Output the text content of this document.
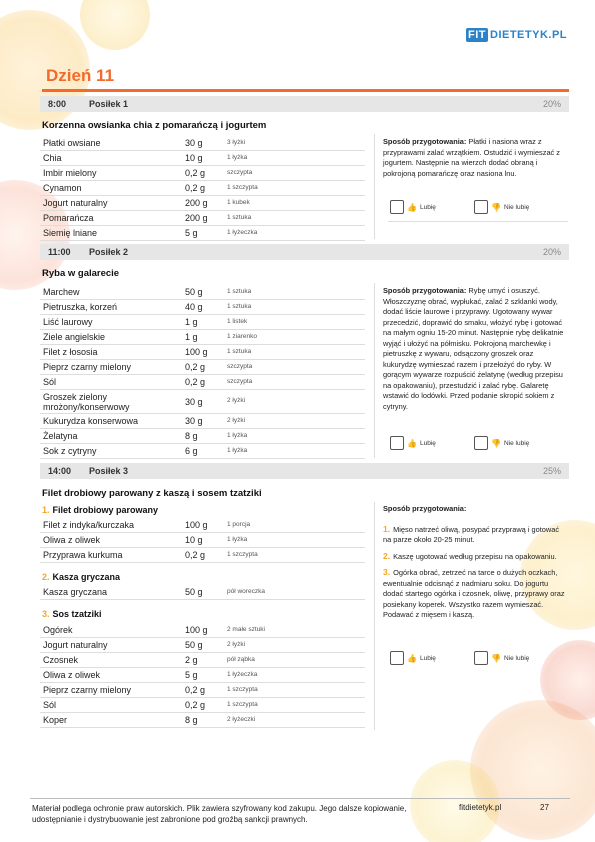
FIT DIETETYK.PL
Dzień 11
8:00	Posiłek 1	20%
Korzenna owsianka chia z pomarańczą i jogurtem
Płatki owsiane	30 g	3 łyżki
Chia	10 g	1 łyżka
Imbir mielony	0,2 g	szczypta
Cynamon	0,2 g	1 szczypta
Jogurt naturalny	200 g	1 kubek
Pomarańcza	200 g	1 sztuka
Siemię lniane	5 g	1 łyżeczka
Sposób przygotowania: Płatki i nasiona wraz z przyprawami zalać wrzątkiem. Ostudzić i wymieszać z jogurtem. Następnie na wierzch dodać obraną i pokrojoną pomarańczę oraz nasiona lnu.
👍 Lubię	👎 Nie lubię
11:00 Posiłek 2	20%
Ryba w galarecie
Marchew	50 g	1 sztuka
Pietruszka, korzeń	40 g	1 sztuka
Liść laurowy	1 g	1 listek
Ziele angielskie	1 g	1 ziarenko
Filet z łososia	100 g	1 sztuka
Pieprz czarny mielony	0,2 g	szczypta
Sól	0,2 g	szczypta
Groszek zielony mrożony/konserwowy	30 g	2 łyżki
Kukurydza konserwowa	30 g	2 łyżki
Żelatyna	8 g	1 łyżka
Sok z cytryny	6 g	1 łyżka
Sposób przygotowania: Rybę umyć i osuszyć. Włoszczyznę obrać, wypłukać, zalać 2 szklanki wody, dodać liście laurowe i przyprawy. Ugotowany wywar przecedzić, doprawić do smaku, włożyć rybę i gotować na małym ogniu 15-20 minut. Następnie rybę delikatnie wyjąć i ułożyć na półmisku. Pokrojoną marchewkę i pietruszkę z wywaru, odsączony groszek oraz kukurydzę wymieszać razem i przełożyć do ryby. W gorącym wywarze rozpuścić żelatynę (według przepisu na opakowaniu), przestudzić i zalać rybę. Galaretę wstawić do lodówki. Przed podanie skropić sokiem z cytryny.
👍 Lubię	👎 Nie lubię
14:00 Posiłek 3	25%
Filet drobiowy parowany z kaszą i sosem tzatziki
1. Filet drobiowy parowany
Filet z indyka/kurczaka	100 g	1 porcja
Oliwa z oliwek	10 g	1 łyżka
Przyprawa kurkuma	0,2 g	1 szczypta
2. Kasza gryczana
Kasza gryczana	50 g	pół woreczka
3. Sos tzatziki
Ogórek	100 g	2 małe sztuki
Jogurt naturalny	50 g	2 łyżki
Czosnek	2 g	pół ząbka
Oliwa z oliwek	5 g	1 łyżeczka
Pieprz czarny mielony	0,2 g	1 szczypta
Sól	0,2 g	1 szczypta
Koper	8 g	2 łyżeczki
Sposób przygotowania:
1. Mięso natrzeć oliwą, posypać przyprawą i gotować na parze około 20-25 minut.
2. Kaszę ugotować według przepisu na opakowaniu.
3. Ogórka obrać, zetrzeć na tarce o dużych oczkach, ewentualnie odcisnąć z nadmiaru soku. Do jogurtu dodać startego ogórka i czosnek, oliwę, przyprawy oraz posiekany koperek. Wszystko razem wymieszać. Podawać z mięsem i kaszą.
👍 Lubię	👎 Nie lubię
Materiał podlega ochronie praw autorskich. Plik zawiera szyfrowany kod zakupu. Jego dalsze kopiowanie, udostępnianie i dystrybuowanie jest zabronione pod groźbą sankcji prawnych.
fitdietetyk.pl	27
